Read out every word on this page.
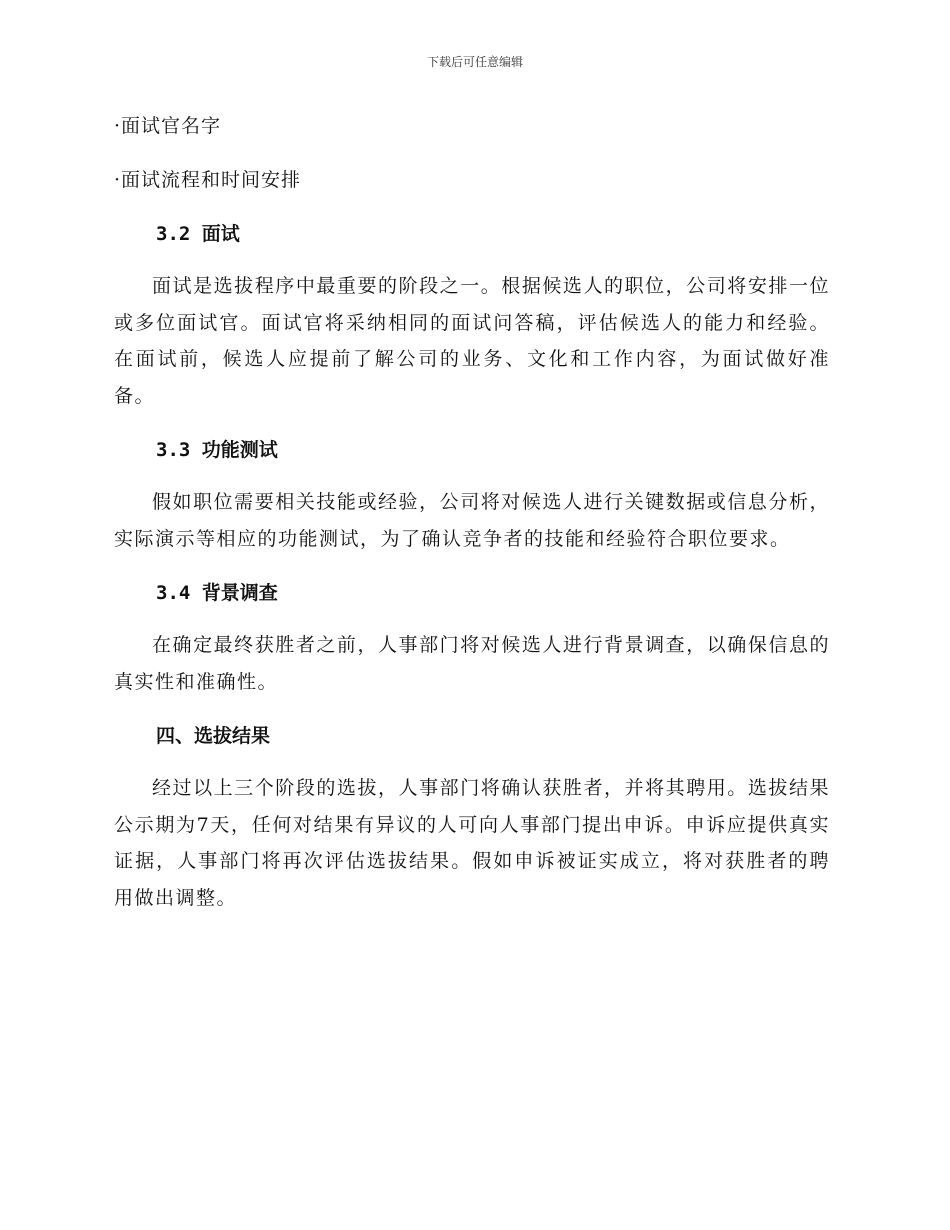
下载后可任意编辑

·面试官名字

·面试流程和时间安排

3.2 面试

面试是选拔程序中最重要的阶段之一。根据候选人的职位，公司将安排一位或多位面试官。面试官将采纳相同的面试问答稿，评估候选人的能力和经验。在面试前，候选人应提前了解公司的业务、文化和工作内容，为面试做好准备。

3.3 功能测试

假如职位需要相关技能或经验，公司将对候选人进行关键数据或信息分析，实际演示等相应的功能测试，为了确认竞争者的技能和经验符合职位要求。

3.4 背景调查

在确定最终获胜者之前，人事部门将对候选人进行背景调查，以确保信息的真实性和准确性。

四、选拔结果

经过以上三个阶段的选拔，人事部门将确认获胜者，并将其聘用。选拔结果公示期为7天，任何对结果有异议的人可向人事部门提出申诉。申诉应提供真实证据，人事部门将再次评估选拔结果。假如申诉被证实成立，将对获胜者的聘用做出调整。
